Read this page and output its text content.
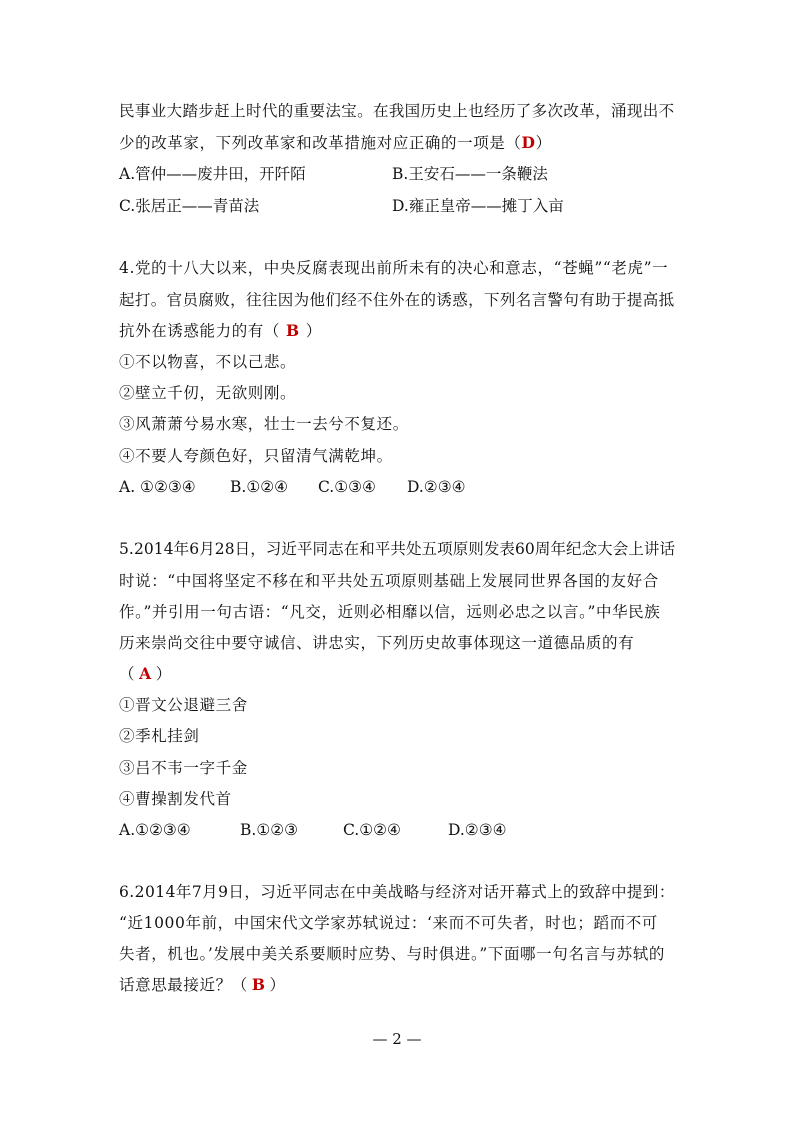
民事业大踏步赶上时代的重要法宝。在我国历史上也经历了多次改革，涌现出不
少的改革家，下列改革家和改革措施对应正确的一项是（D）
A.管仲——废井田，开阡陌	B.王安石——一条鞭法
C.张居正——青苗法	D.雍正皇帝——摊丁入亩
4.党的十八大以来，中央反腐表现出前所未有的决心和意志，“苍蝇”“老虎”一
起打。官员腐败，往往因为他们经不住外在的诱惑，下列名言警句有助于提高抵
抗外在诱惑能力的有（ B ）
①不以物喜，不以己悲。
②壁立千仞，无欲则刚。
③风萧萧兮易水寒，壮士一去兮不复还。
④不要人夸颜色好，只留清气满乾坤。
A. ①②③④ B.①②④ C.①③④ D.②③④
5.2014年6月28日，习近平同志在和平共处五项原则发表60周年纪念大会上讲话
时说：“中国将坚定不移在和平共处五项原则基础上发展同世界各国的友好合
作。”并引用一句古语：“凡交，近则必相靡以信，远则必忠之以言。”中华民族
历来崇尚交往中要守诚信、讲忠实，下列历史故事体现这一道德品质的有
（ A ）
①晋文公退避三舍
②季札挂剑
③吕不韦一字千金
④曹操割发代首
A.①②③④	B.①②③	C.①②④	D.②③④
6.2014年7月9日，习近平同志在中美战略与经济对话开幕式上的致辞中提到：
“近1000年前，中国宋代文学家苏轼说过：‘来而不可失者，时也；蹈而不可
失者，机也。’发展中美关系要顺时应势、与时俱进。”下面哪一句名言与苏轼的
话意思最接近？（ B ）
— 2 —
